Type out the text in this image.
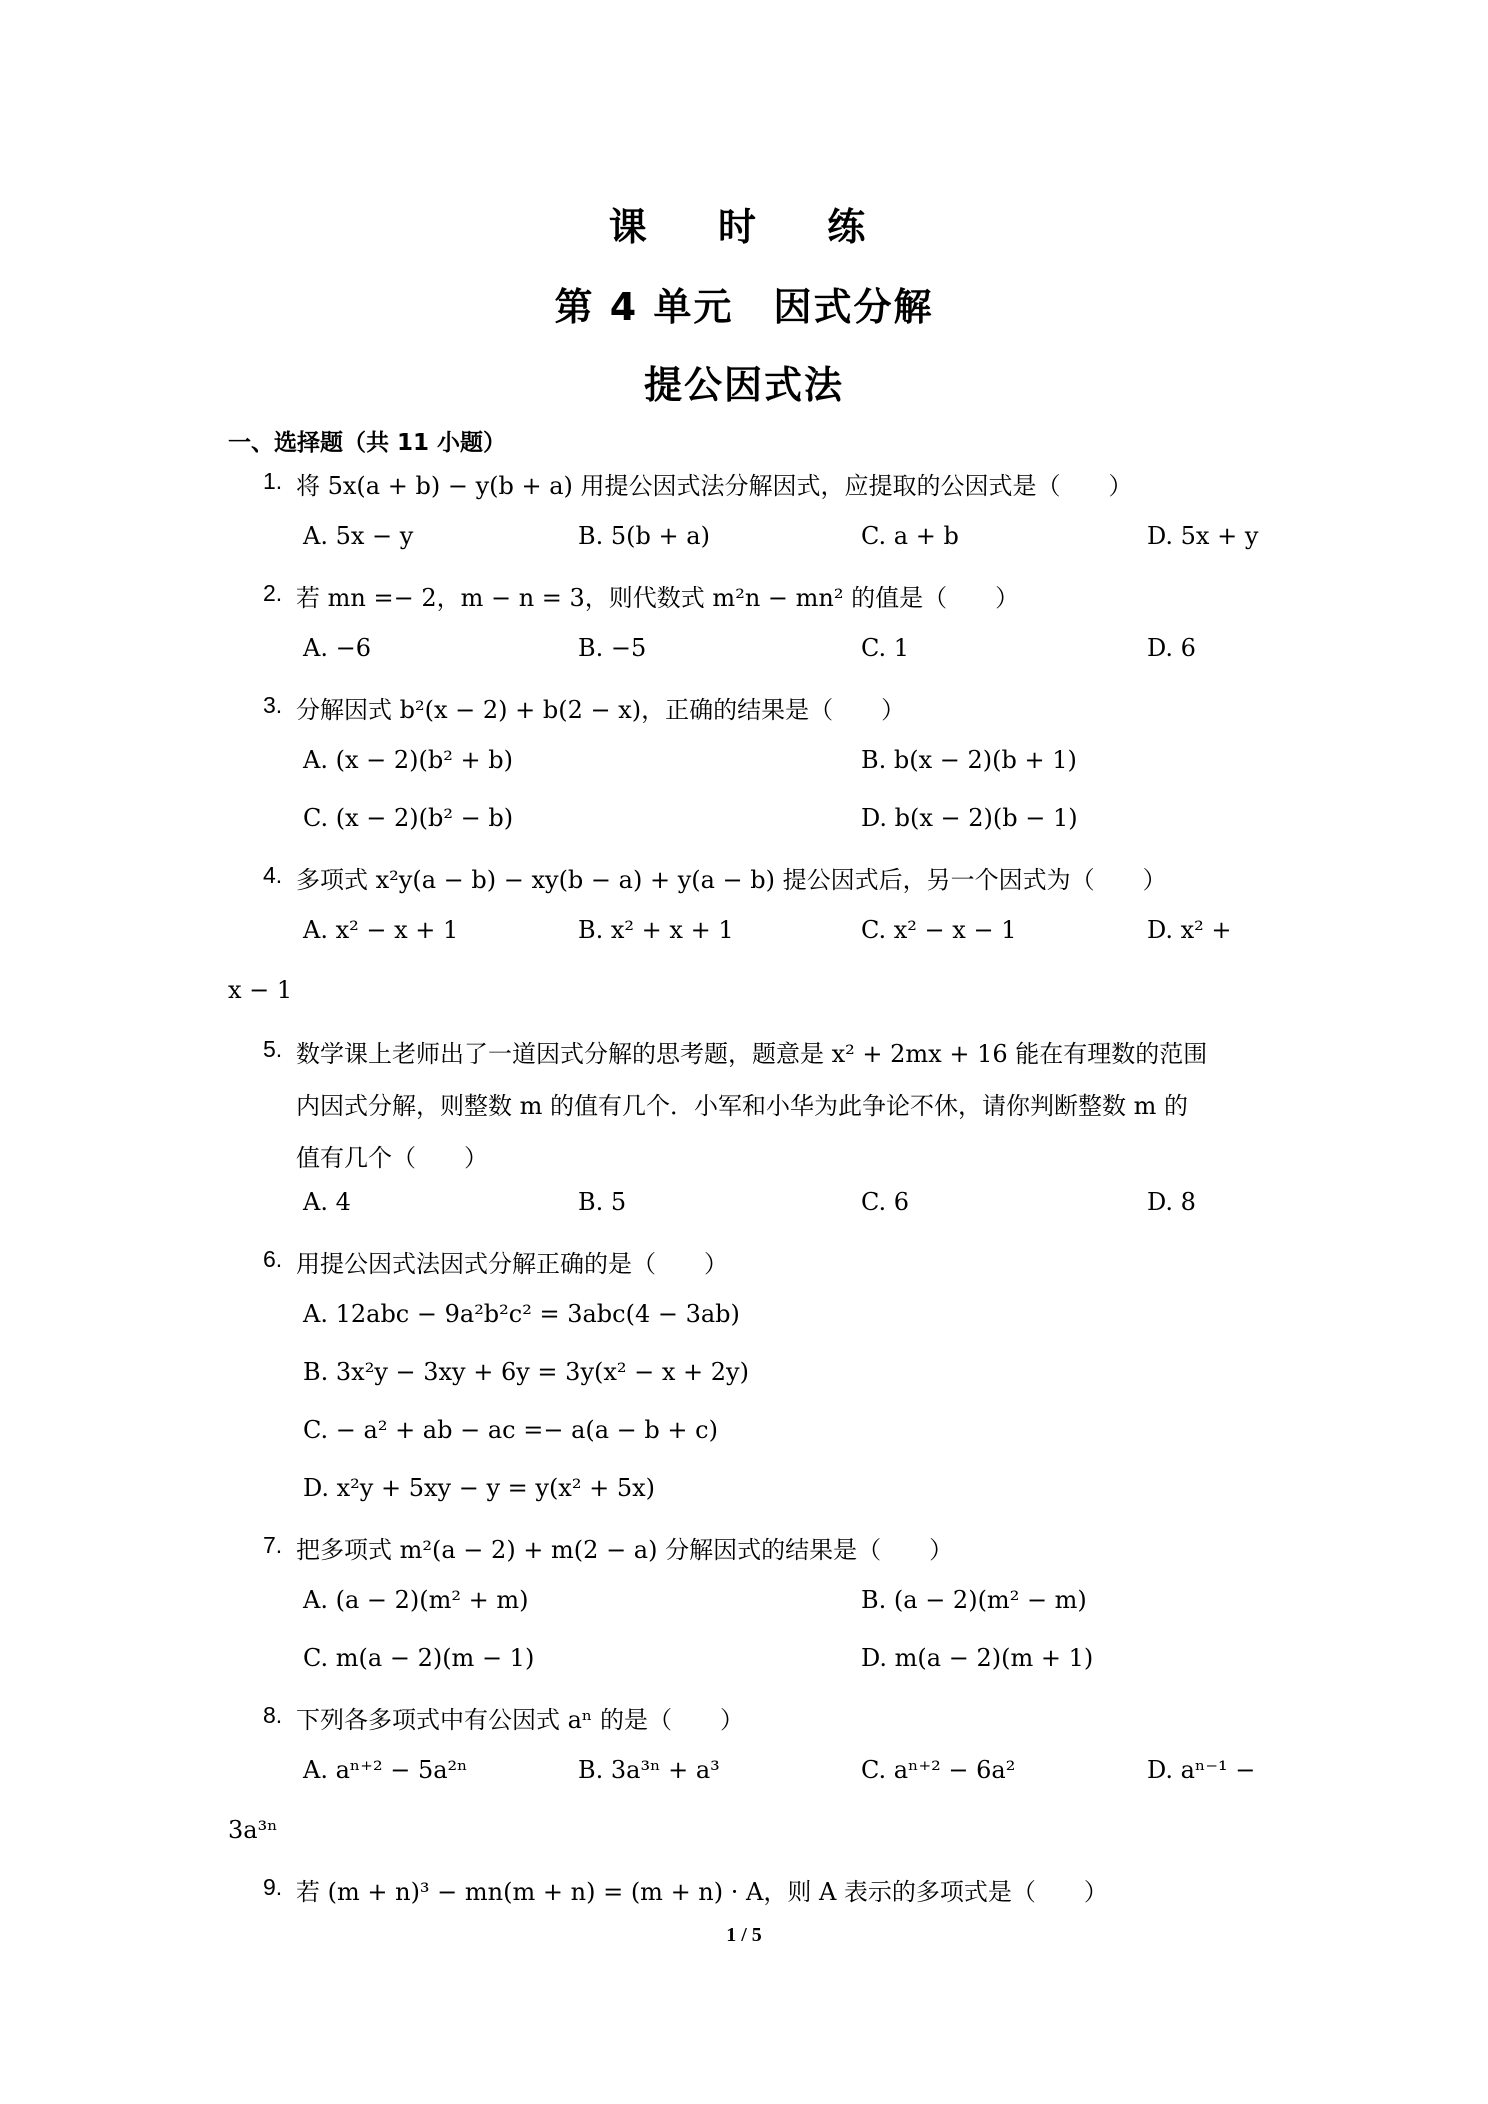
课 时 练
第 4 单元　因式分解
提公因式法
一、选择题（共 11 小题）
1. 将 5x(a + b) − y(b + a) 用提公因式法分解因式，应提取的公因式是（　　）
A. 5x − y	B. 5(b + a)	C. a + b	D. 5x + y
2. 若 mn =− 2，m − n = 3，则代数式 m²n − mn² 的值是（　　）
A. −6	B. −5	C. 1	D. 6
3. 分解因式 b²(x − 2) + b(2 − x)，正确的结果是（　　）
A. (x − 2)(b² + b)	B. b(x − 2)(b + 1)
C. (x − 2)(b² − b)	D. b(x − 2)(b − 1)
4. 多项式 x²y(a − b) − xy(b − a) + y(a − b) 提公因式后，另一个因式为（　　）
A. x² − x + 1	B. x² + x + 1	C. x² − x − 1	D. x² +
x − 1
5. 数学课上老师出了一道因式分解的思考题，题意是 x² + 2mx + 16 能在有理数的范围
内因式分解，则整数 m 的值有几个．小军和小华为此争论不休，请你判断整数 m 的
值有几个（　　）
A. 4	B. 5	C. 6	D. 8
6. 用提公因式法因式分解正确的是（　　）
A. 12abc − 9a²b²c² = 3abc(4 − 3ab)
B. 3x²y − 3xy + 6y = 3y(x² − x + 2y)
C. − a² + ab − ac =− a(a − b + c)
D. x²y + 5xy − y = y(x² + 5x)
7. 把多项式 m²(a − 2) + m(2 − a) 分解因式的结果是（　　）
A. (a − 2)(m² + m)	B. (a − 2)(m² − m)
C. m(a − 2)(m − 1)	D. m(a − 2)(m + 1)
8. 下列各多项式中有公因式 aⁿ 的是（　　）
A. aⁿ⁺² − 5a²ⁿ	B. 3a³ⁿ + a³	C. aⁿ⁺² − 6a²	D. aⁿ⁻¹ −
3a³ⁿ
9. 若 (m + n)³ − mn(m + n) = (m + n) · A，则 A 表示的多项式是（　　）
1 / 5
